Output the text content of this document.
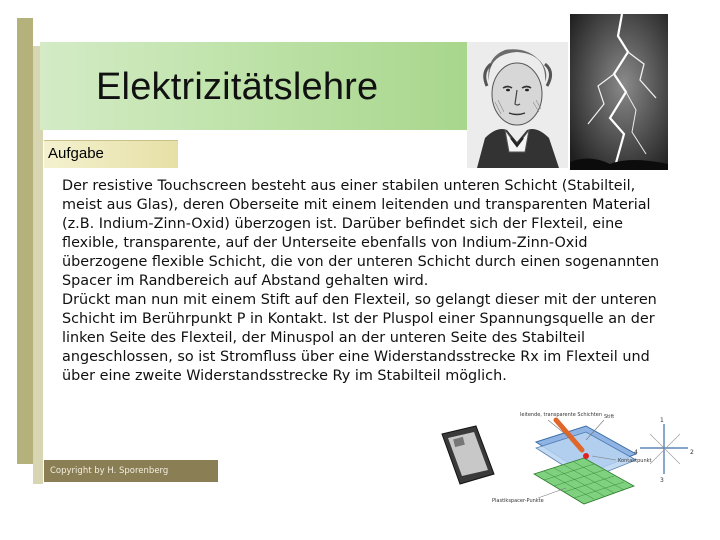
Elektrizitätslehre
Aufgabe

Der resistive Touchscreen besteht aus einer stabilen unteren Schicht (Stabilteil, meist aus Glas), deren Oberseite mit einem leitenden und transparenten Material (z.B. Indium-Zinn-Oxid) überzogen ist. Darüber befindet sich der Flexteil, eine flexible, transparente, auf der Unterseite ebenfalls von Indium-Zinn-Oxid überzogene flexible Schicht, die von der unteren Schicht durch einen sogenannten Spacer im Randbereich auf Abstand gehalten wird.

Drückt man nun mit einem Stift auf den Flexteil, so gelangt dieser mit der unteren Schicht im Berührpunkt P in Kontakt. Ist der Pluspol einer Spannungsquelle an der linken Seite des Flexteil, der Minuspol an der unteren Seite des Stabilteil angeschlossen, so ist Stromfluss über eine Widerstandsstrecke Rx im Flexteil und über eine zweite Widerstandsstrecke Ry im Stabilteil möglich.

leitende, transparente Schichten Stift
Kontaktpunkt
Plastikspacer-Punkte
1
2
3
4
Copyright by H. Sporenberg
